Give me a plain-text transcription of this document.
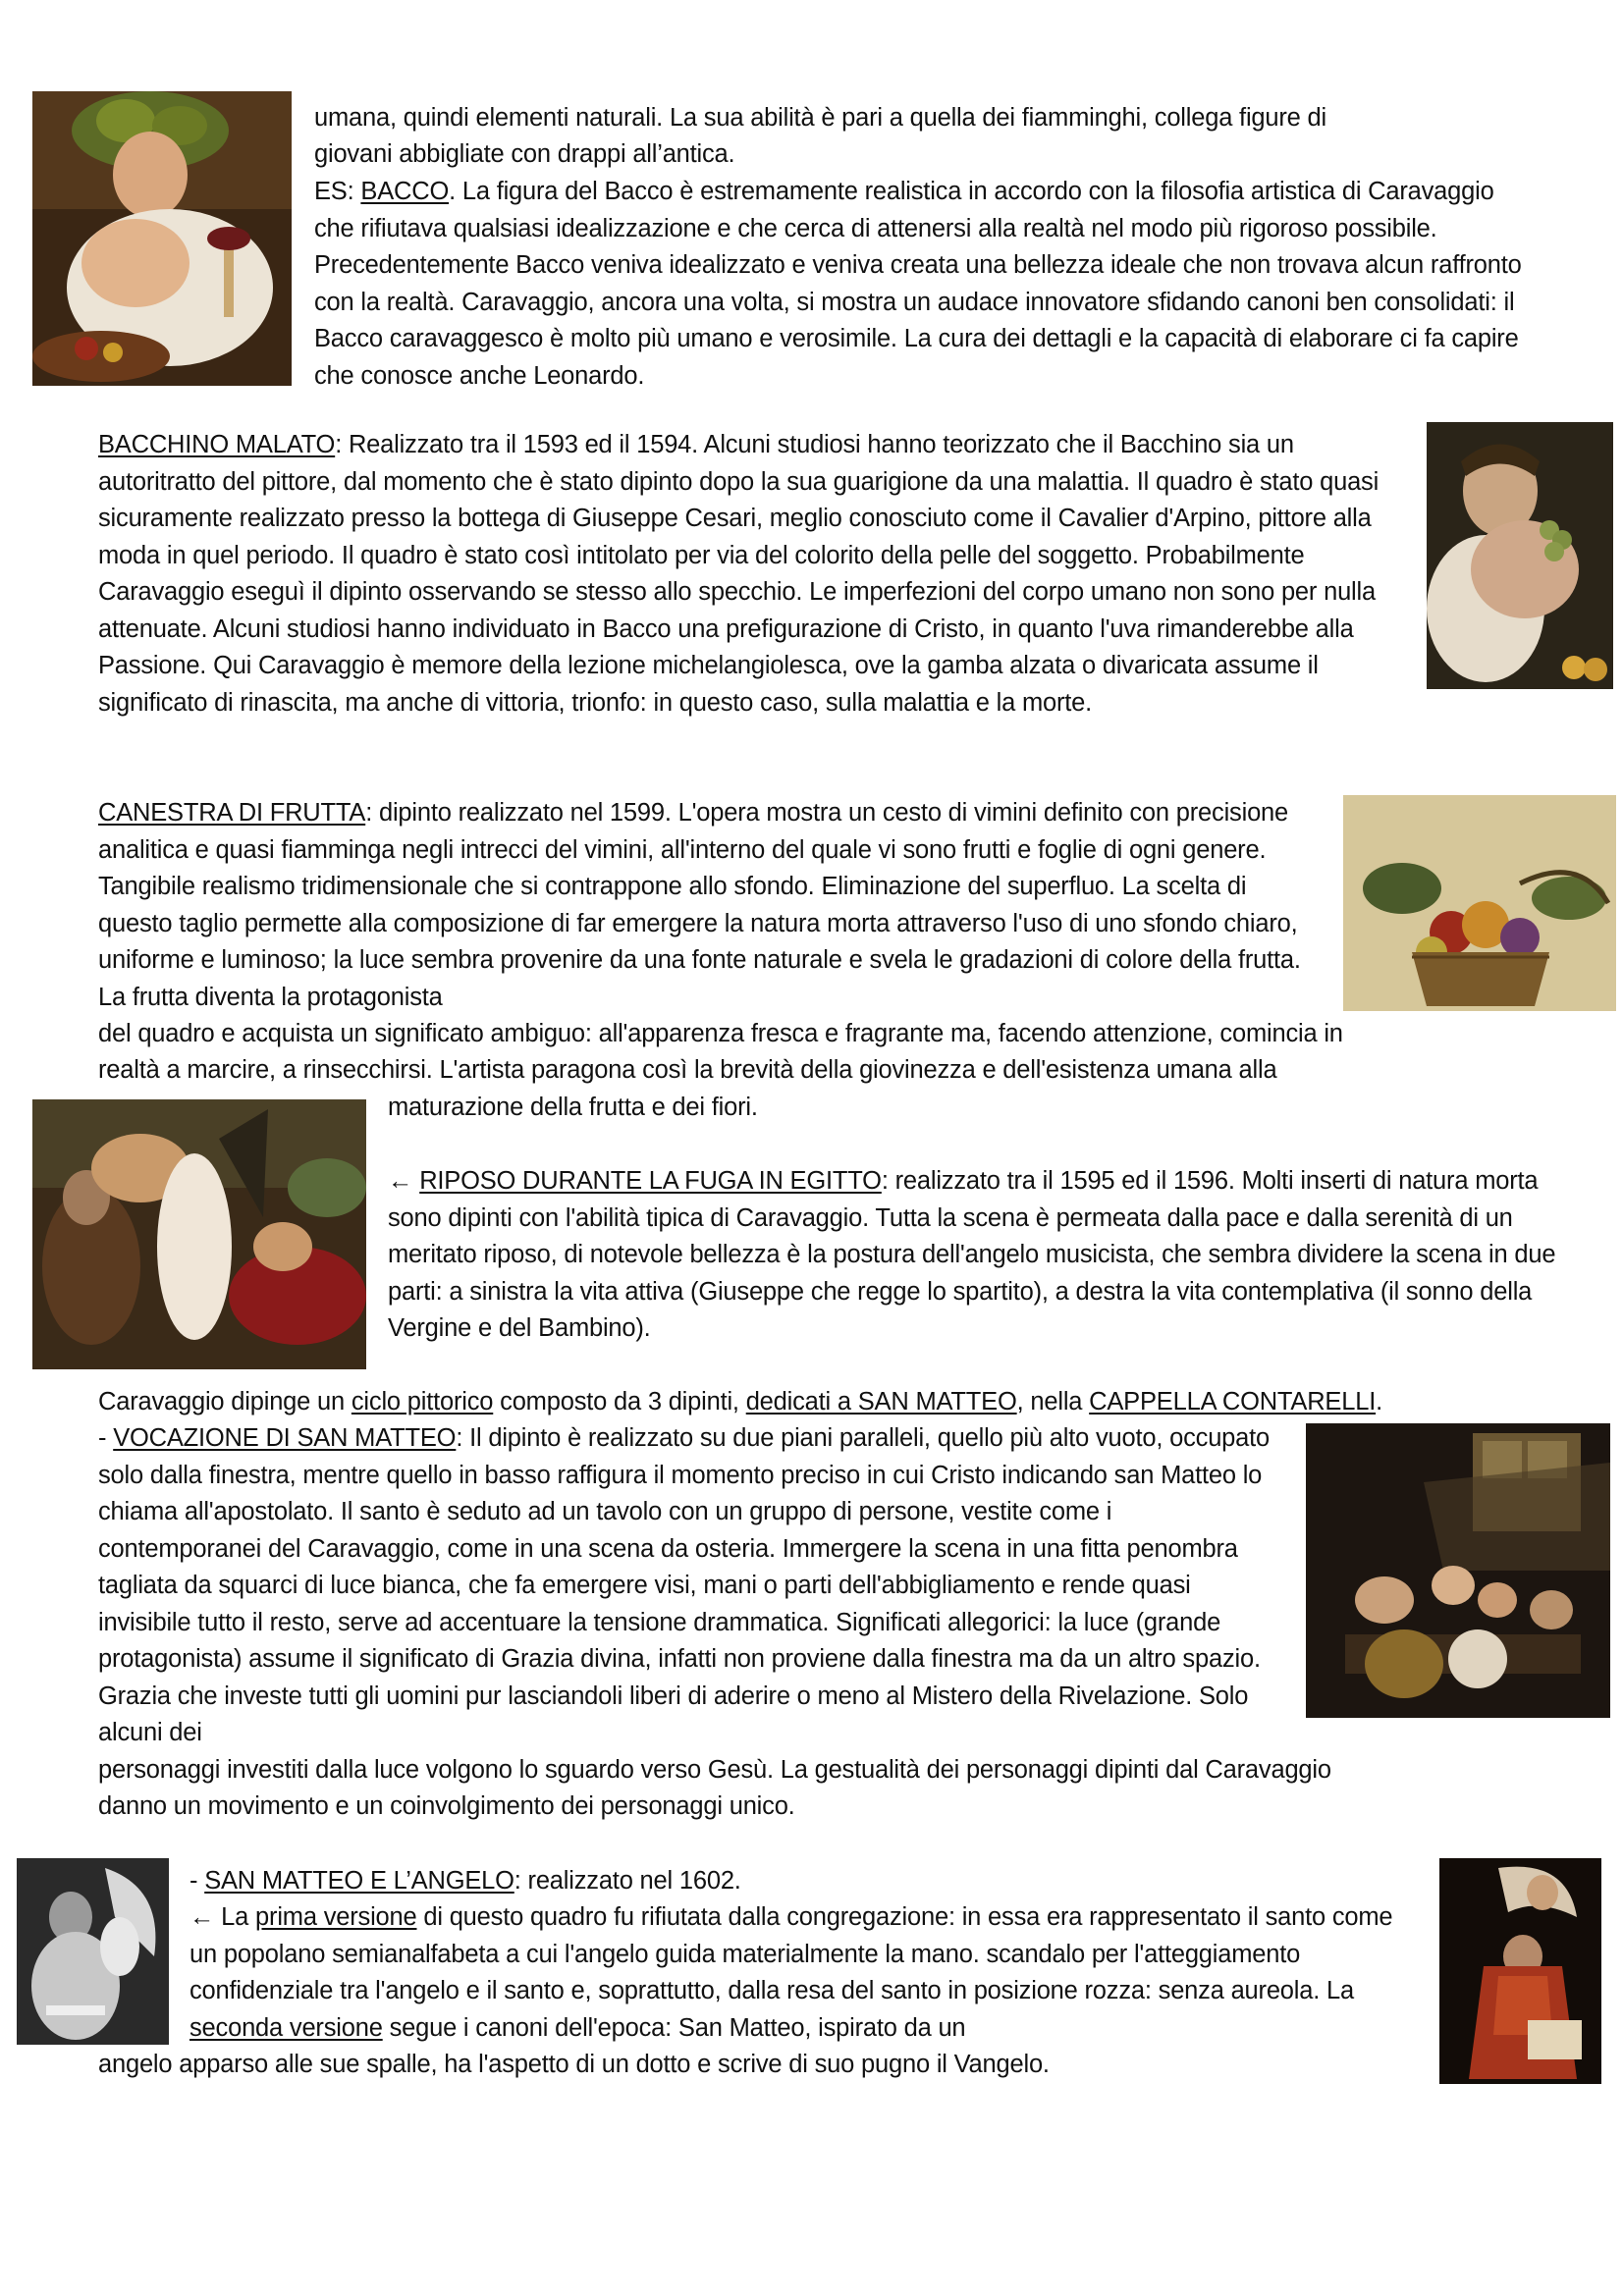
umana, quindi elementi naturali. La sua abilità è pari a quella dei fiamminghi, collega figure di
giovani abbigliate con drappi all’antica.

ES: BACCO. La figura del Bacco è estremamente realistica in accordo con la filosofia artistica di Caravaggio che rifiutava qualsiasi idealizzazione e che cerca di attenersi alla realtà nel modo più rigoroso possibile. Precedentemente Bacco veniva idealizzato e veniva creata una bellezza ideale che non trovava alcun raffronto con la realtà. Caravaggio, ancora una volta, si mostra un audace innovatore sfidando canoni ben consolidati: il Bacco caravaggesco è molto più umano e verosimile. La cura dei dettagli e la capacità di elaborare ci fa capire che conosce anche Leonardo.

BACCHINO MALATO: Realizzato tra il 1593 ed il 1594. Alcuni studiosi hanno teorizzato che il Bacchino sia un autoritratto del pittore, dal momento che è stato dipinto dopo la sua guarigione da una malattia. Il quadro è stato quasi sicuramente realizzato presso la bottega di Giuseppe Cesari, meglio conosciuto come il Cavalier d'Arpino, pittore alla moda in quel periodo. Il quadro è stato così intitolato per via del colorito della pelle del soggetto. Probabilmente Caravaggio eseguì il dipinto osservando se stesso allo specchio. Le imperfezioni del corpo umano non sono per nulla attenuate. Alcuni studiosi hanno individuato in Bacco una prefigurazione di Cristo, in quanto l'uva rimanderebbe alla Passione. Qui Caravaggio è memore della lezione michelangiolesca, ove la gamba alzata o divaricata assume il significato di rinascita, ma anche di vittoria, trionfo: in questo caso, sulla malattia e la morte.

CANESTRA DI FRUTTA: dipinto realizzato nel 1599. L'opera mostra un cesto di vimini definito con precisione analitica e quasi fiamminga negli intrecci del vimini, all'interno del quale vi sono frutti e foglie di ogni genere. Tangibile realismo tridimensionale che si contrappone allo sfondo. Eliminazione del superfluo. La scelta di questo taglio permette alla composizione di far emergere la natura morta attraverso l'uso di uno sfondo chiaro, uniforme e luminoso; la luce sembra provenire da una fonte naturale e svela le gradazioni di colore della frutta. La frutta diventa la protagonista

del quadro e acquista un significato ambiguo: all'apparenza fresca e fragrante ma, facendo attenzione, comincia in
realtà a marcire, a rinsecchirsi. L'artista paragona così la brevità della giovinezza e dell'esistenza umana alla
maturazione della frutta e dei fiori.

← RIPOSO DURANTE LA FUGA IN EGITTO: realizzato tra il 1595 ed il 1596. Molti inserti di natura morta sono dipinti con l'abilità tipica di Caravaggio. Tutta la scena è permeata dalla pace e dalla serenità di un meritato riposo, di notevole bellezza è la postura dell'angelo musicista, che sembra dividere la scena in due parti: a sinistra la vita attiva (Giuseppe che regge lo spartito), a destra la vita contemplativa (il sonno della Vergine e del Bambino).

Caravaggio dipinge un ciclo pittorico composto da 3 dipinti, dedicati a SAN MATTEO, nella CAPPELLA CONTARELLI.

- VOCAZIONE DI SAN MATTEO: Il dipinto è realizzato su due piani paralleli, quello più alto vuoto, occupato solo dalla finestra, mentre quello in basso raffigura il momento preciso in cui Cristo indicando san Matteo lo chiama all'apostolato. Il santo è seduto ad un tavolo con un gruppo di persone, vestite come i contemporanei del Caravaggio, come in una scena da osteria. Immergere la scena in una fitta penombra tagliata da squarci di luce bianca, che fa emergere visi, mani o parti dell'abbigliamento e rende quasi invisibile tutto il resto, serve ad accentuare la tensione drammatica. Significati allegorici: la luce (grande protagonista) assume il significato di Grazia divina, infatti non proviene dalla finestra ma da un altro spazio. Grazia che investe tutti gli uomini pur lasciandoli liberi di aderire o meno al Mistero della Rivelazione. Solo alcuni dei

personaggi investiti dalla luce volgono lo sguardo verso Gesù. La gestualità dei personaggi dipinti dal Caravaggio
danno un movimento e un coinvolgimento dei personaggi unico.
- SAN MATTEO E L’ANGELO: realizzato nel 1602.

← La prima versione di questo quadro fu rifiutata dalla congregazione: in essa era rappresentato il santo come un popolano semianalfabeta a cui l'angelo guida materialmente la mano. scandalo per l'atteggiamento confidenziale tra l'angelo e il santo e, soprattutto, dalla resa del santo in posizione rozza: senza aureola. La seconda versione segue i canoni dell'epoca: San Matteo, ispirato da un

angelo apparso alle sue spalle, ha l'aspetto di un dotto e scrive di suo pugno il Vangelo.
